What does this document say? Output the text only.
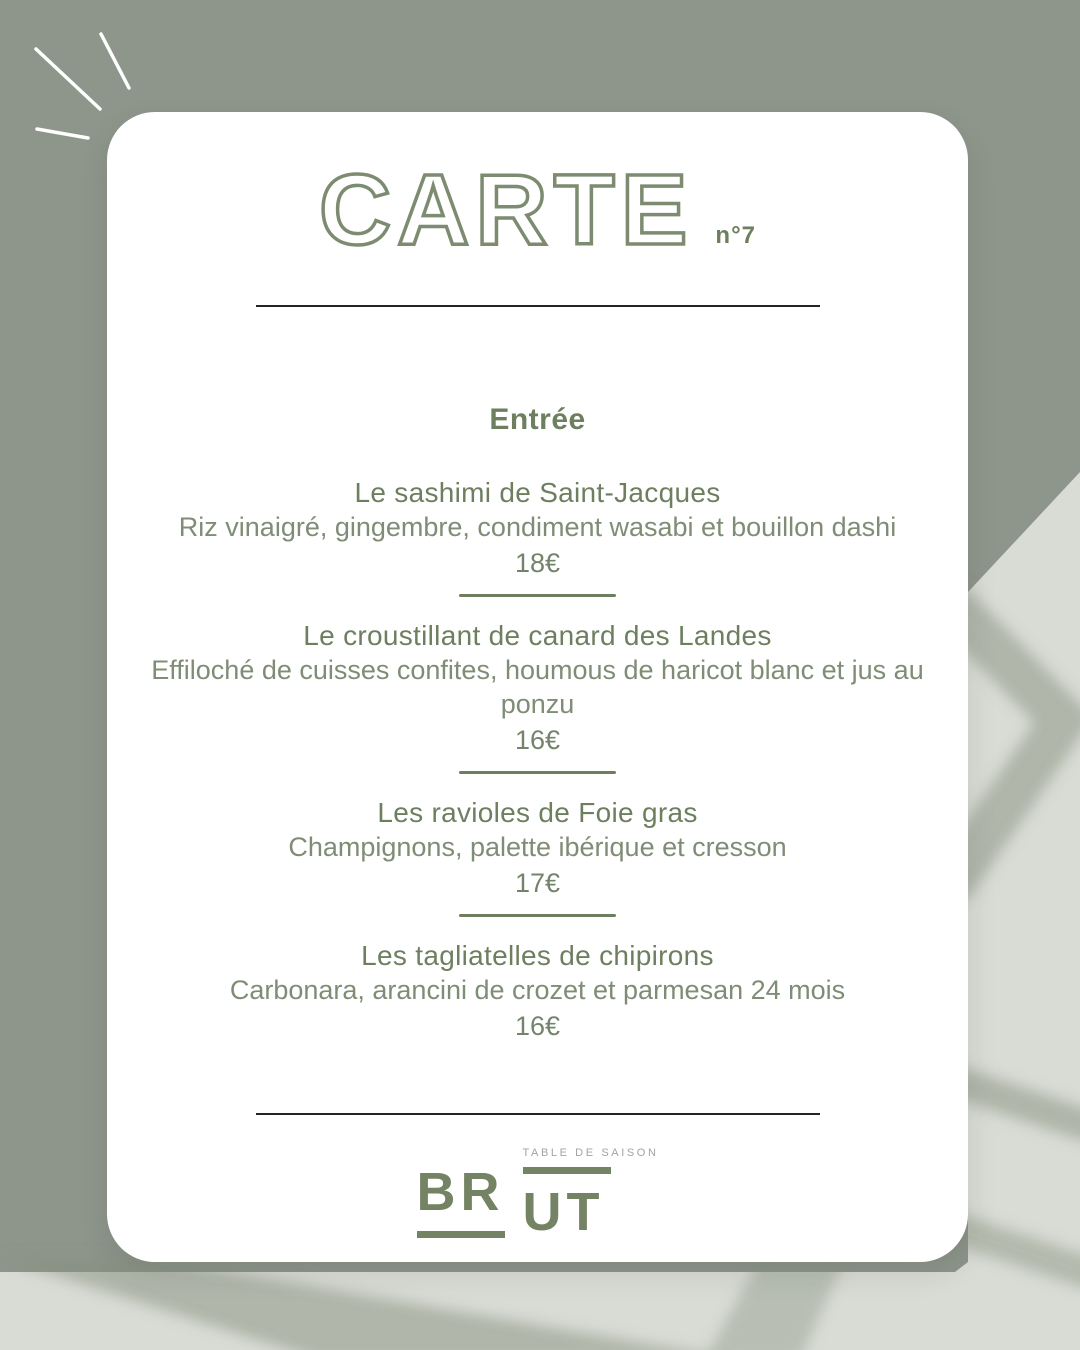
CARTE n°7
Entrée
Le sashimi de Saint-Jacques
Riz vinaigré, gingembre, condiment wasabi et bouillon dashi
18€
Le croustillant de canard des Landes
Effiloché de cuisses confites, houmous de haricot blanc et jus au ponzu
16€
Les ravioles de Foie gras
Champignons, palette ibérique et cresson
17€
Les tagliatelles de chipirons
Carbonara, arancini de crozet et parmesan 24 mois
16€
BR
TABLE DE SAISON
UT
